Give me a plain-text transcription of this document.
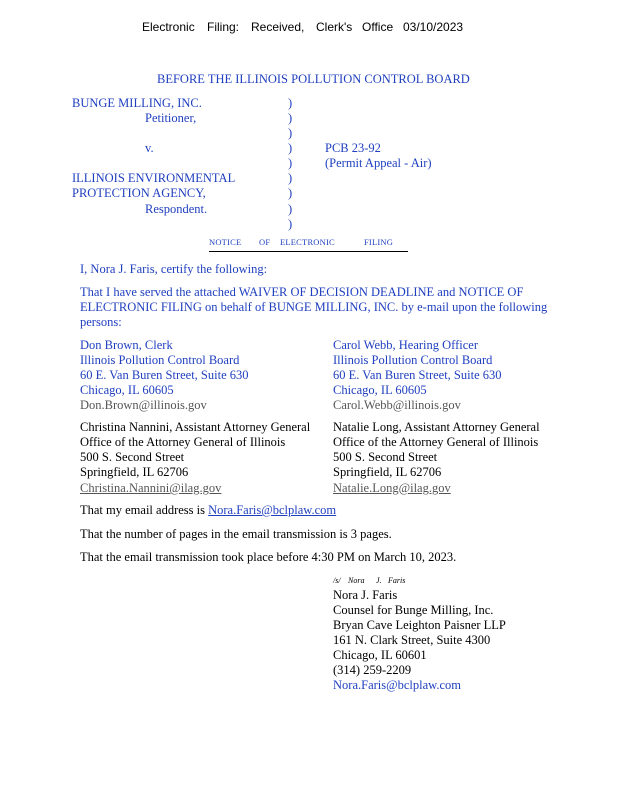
Electronic Filing: Received, Clerk's Office 03/10/2023
BEFORE THE ILLINOIS POLLUTION CONTROL BOARD
BUNGE MILLING, INC.
Petitioner,
v.
ILLINOIS ENVIRONMENTAL
PROTECTION AGENCY,
Respondent.
)
)
)
)
)
)
)
)
)
PCB 23-92
(Permit Appeal - Air)
NOTICE OF ELECTRONIC	FILING
I, Nora J. Faris, certify the following:
That I have served the attached WAIVER OF DECISION DEADLINE and NOTICE OF
ELECTRONIC FILING on behalf of BUNGE MILLING, INC. by e-mail upon the following
persons:
Don Brown, Clerk
Illinois Pollution Control Board
60 E. Van Buren Street, Suite 630
Chicago, IL 60605
Don.Brown@illinois.gov
Carol Webb, Hearing Officer
Illinois Pollution Control Board
60 E. Van Buren Street, Suite 630
Chicago, IL 60605
Carol.Webb@illinois.gov
Christina Nannini, Assistant Attorney General
Office of the Attorney General of Illinois
500 S. Second Street
Springfield, IL 62706
Christina.Nannini@ilag.gov
Natalie Long, Assistant Attorney General
Office of the Attorney General of Illinois
500 S. Second Street
Springfield, IL 62706
Natalie.Long@ilag.gov
That my email address is Nora.Faris@bclplaw.com
That the number of pages in the email transmission is 3 pages.
That the email transmission took place before 4:30 PM on March 10, 2023.
/s/ Nora J. Faris
Nora J. Faris
Counsel for Bunge Milling, Inc.
Bryan Cave Leighton Paisner LLP
161 N. Clark Street, Suite 4300
Chicago, IL 60601
(314) 259-2209
Nora.Faris@bclplaw.com
